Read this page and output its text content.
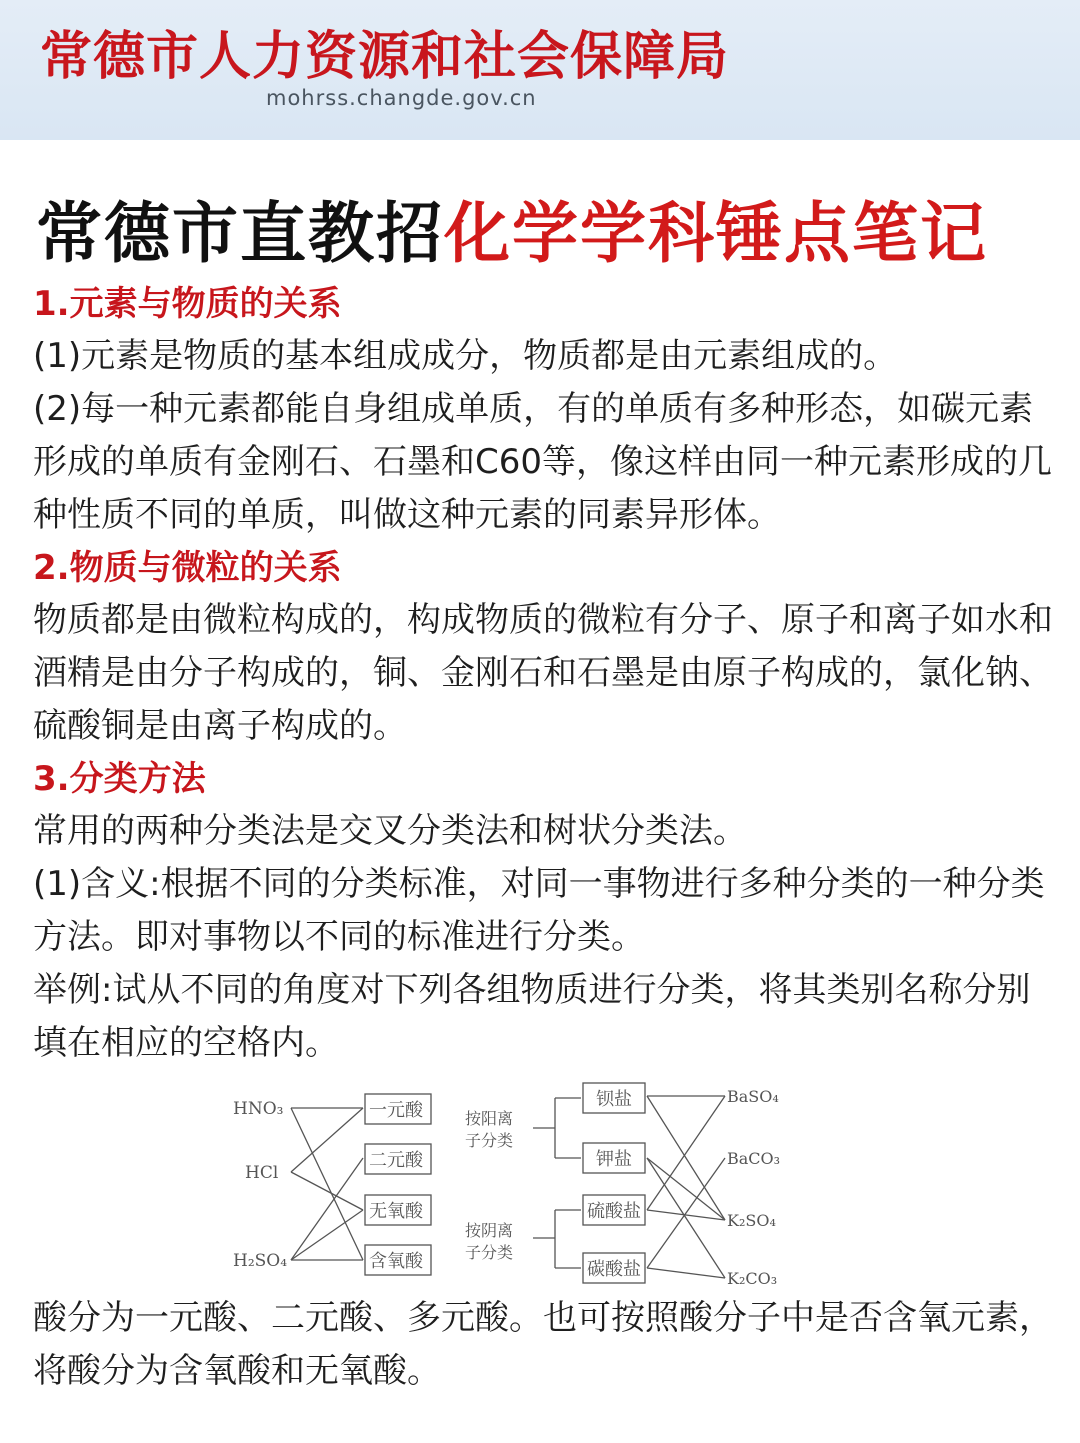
常德市人力资源和社会保障局
mohrss.changde.gov.cn
常德市直教招化学学科锤点笔记
1.元素与物质的关系
(1)元素是物质的基本组成成分，物质都是由元素组成的。
(2)每一种元素都能自身组成单质，有的单质有多种形态，如碳元素形成的单质有金刚石、石墨和C60等，像这样由同一种元素形成的几种性质不同的单质，叫做这种元素的同素异形体。
2.物质与微粒的关系
物质都是由微粒构成的，构成物质的微粒有分子、原子和离子如水和酒精是由分子构成的，铜、金刚石和石墨是由原子构成的，氯化钠、硫酸铜是由离子构成的。
3.分类方法
常用的两种分类法是交叉分类法和树状分类法。
(1)含义:根据不同的分类标准，对同一事物进行多种分类的一种分类方法。即对事物以不同的标准进行分类。
举例:试从不同的角度对下列各组物质进行分类，将其类别名称分别填在相应的空格内。
HNO₃
HCl
H₂SO₄
一元酸
二元酸
无氧酸
含氧酸
按阳离子分类
按阴离子分类
钡盐
钾盐
硫酸盐
碳酸盐
BaSO₄
BaCO₃
K₂SO₄
K₂CO₃
酸分为一元酸、二元酸、多元酸。也可按照酸分子中是否含氧元素，将酸分为含氧酸和无氧酸。
